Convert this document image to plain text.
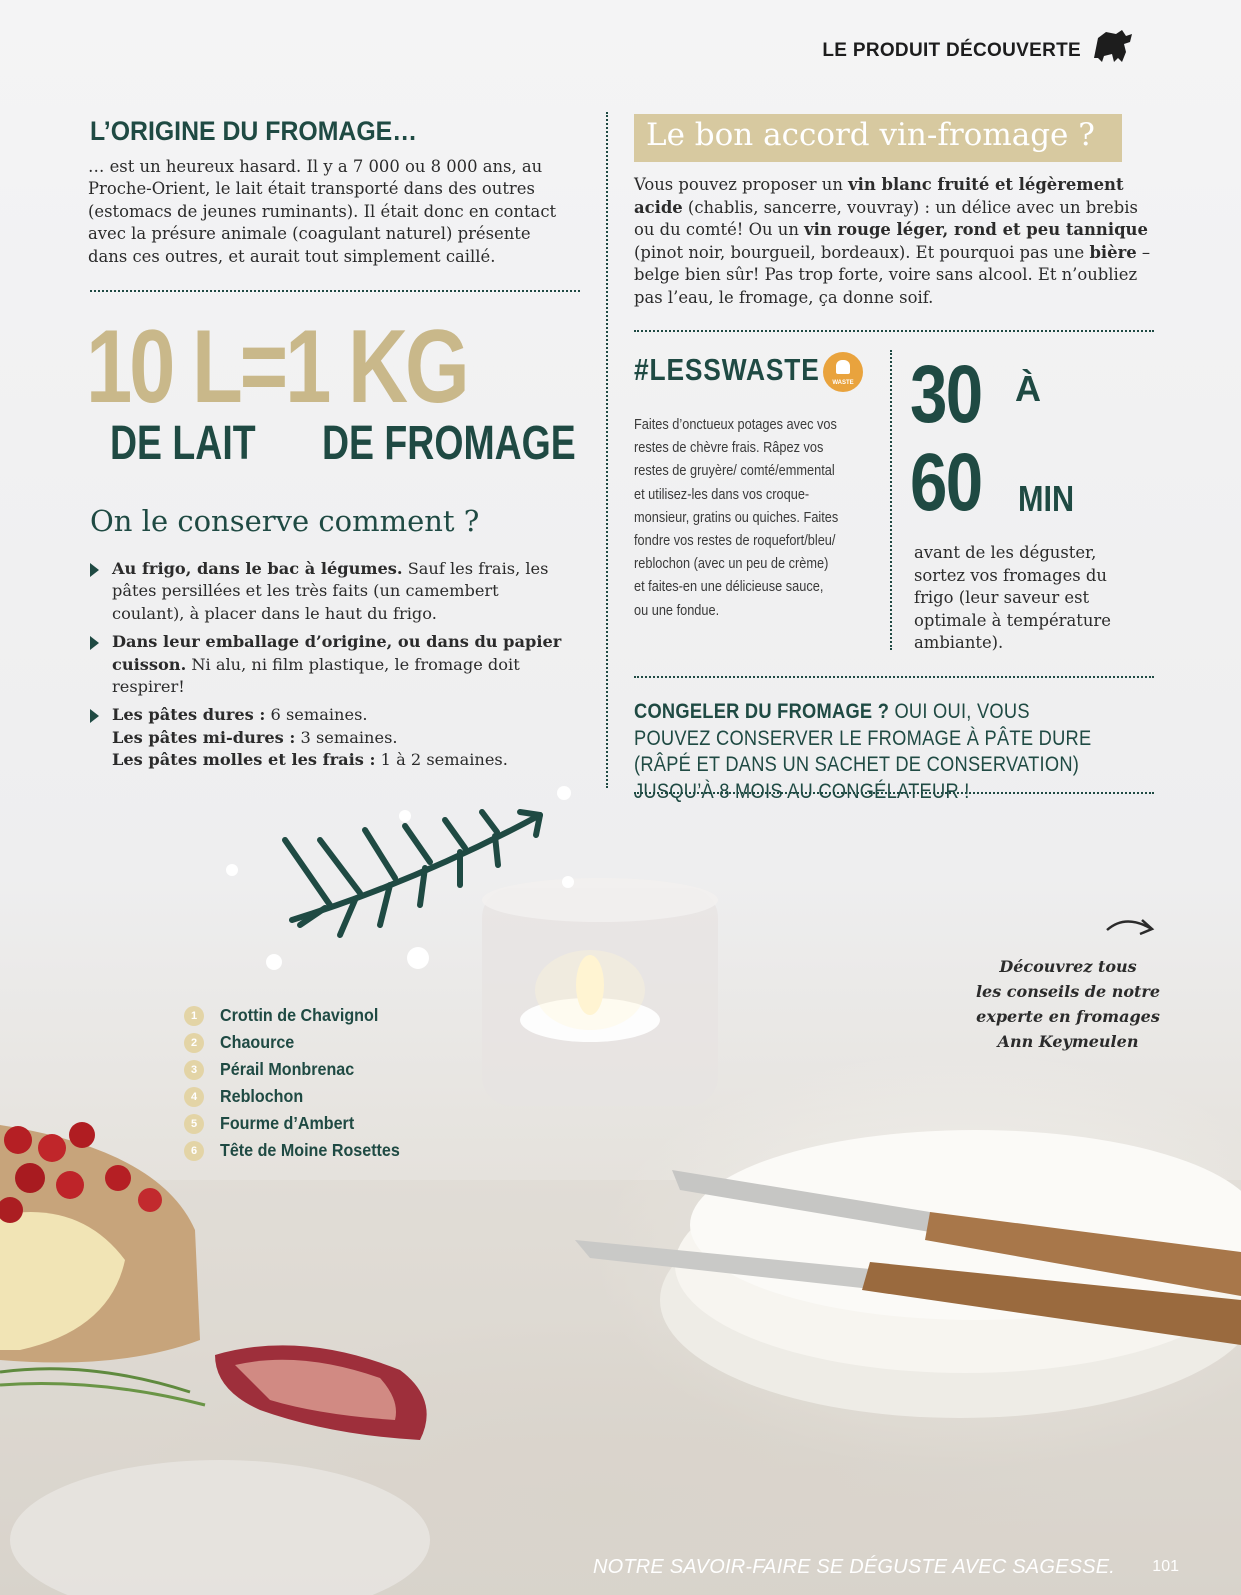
LE PRODUIT DÉCOUVERTE
L’ORIGINE DU FROMAGE…
… est un heureux hasard. Il y a 7 000 ou 8 000 ans, au Proche-Orient, le lait était transporté dans des outres (estomacs de jeunes ruminants). Il était donc en contact avec la présure animale (coagulant naturel) présente dans ces outres, et aurait tout simplement caillé.
10 L=1 KG
DE LAIT DE FROMAGE
On le conserve comment ?
Au frigo, dans le bac à légumes. Sauf les frais, les pâtes persillées et les très faits (un camembert coulant), à placer dans le haut du frigo.
Dans leur emballage d’origine, ou dans du papier cuisson. Ni alu, ni film plastique, le fromage doit respirer!
Les pâtes dures : 6 semaines.
Les pâtes mi-dures : 3 semaines.
Les pâtes molles et les frais : 1 à 2 semaines.
Le bon accord vin-fromage ?
Vous pouvez proposer un vin blanc fruité et légèrement acide (chablis, sancerre, vouvray) : un délice avec un brebis ou du comté! Ou un vin rouge léger, rond et peu tannique (pinot noir, bourgueil, bordeaux). Et pourquoi pas une bière – belge bien sûr! Pas trop forte, voire sans alcool. Et n’oubliez pas l’eau, le fromage, ça donne soif.
#LESSWASTE	WASTE
Faites d’onctueux potages avec vos restes de chèvre frais. Râpez vos restes de gruyère/ comté/emmental et utilisez-les dans vos croque-monsieur, gratins ou quiches. Faites fondre vos restes de roquefort/bleu/ reblochon (avec un peu de crème) et faites-en une délicieuse sauce, ou une fondue.
30 À
60 MIN
avant de les déguster, sortez vos fromages du frigo (leur saveur est optimale à température ambiante).
CONGELER DU FROMAGE ? OUI OUI, VOUS POUVEZ CONSERVER LE FROMAGE À PÂTE DURE (RÂPÉ ET DANS UN SACHET DE CONSERVATION) JUSQU’À 8 MOIS AU CONGÉLATEUR !
1	Crottin de Chavignol
2	Chaource
3	Pérail Monbrenac
4	Reblochon
5	Fourme d’Ambert
6	Tête de Moine Rosettes
Découvrez tous
les conseils de notre
experte en fromages
Ann Keymeulen
NOTRE SAVOIR-FAIRE SE DÉGUSTE AVEC SAGESSE. 101
